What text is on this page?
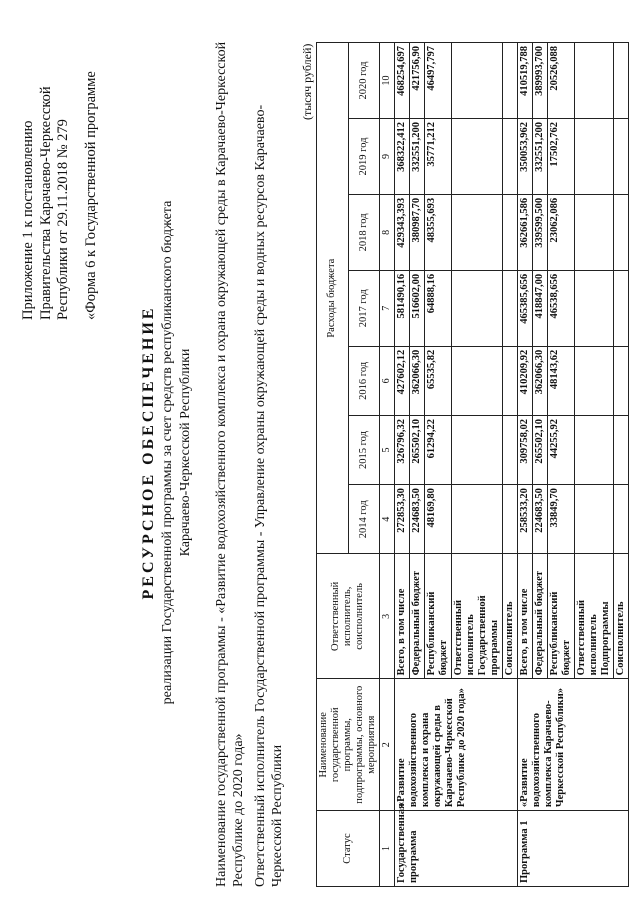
Приложение 1 к постановлению Правительства Карачаево-Черкесской Республики от 29.11.2018 № 279 «Форма 6 к Государственной программе
РЕСУРСНОЕ ОБЕСПЕЧЕНИЕ реализации Государственной программы за счет средств республиканского бюджета Карачаево-Черкесской Республики Наименование государственной программы - «Развитие водохозяйственного комплекса и охрана окружающей среды в Карачаево-Черкесской Республике до 2020 года» Ответственный исполнитель Государственной программы - Управление охраны окружающей среды и водных ресурсов Карачаево-Черкесской Республики
(тысяч рублей)
Статус	Наименование государственной программы, подпрограммы, основного мероприятия	Ответственный исполнитель, соисполнитель	Расходы бюджета						
			2014 год	2015 год	2016 год	2017 год	2018 год	2019 год	2020 год
1	2	3	4	5	6	7	8	9	10
Государственная программа	«Развитие водохозяйственного комплекса и охрана окружающей среды в Карачаево-Черкесской Республике до 2020 года»	Всего, в том числе	272853,30	326796,32	427602,12	581490,16	429343,393	368322,412	468254,697
		Федеральный бюджет	224683,50	265502,10	362066,30	516602,00	380987,70	332551,200	421756,90
		Республиканский бюджет	48169,80	61294,22	65535,82	64888,16	48355,693	35771,212	46497,797
		Ответственный исполнитель Государственной программы							
		Соисполнитель							
Программа 1	«Развитие водохозяйственного комплекса Карачаево-Черкесской Республики»	Всего, в том числе	258533,20	309758,02	410209,92	465385,656	362661,586	350053,962	410519,788
		Федеральный бюджет	224683,50	265502,10	362066,30	418847,00	339599,500	332551,200	389993,700
		Республиканский бюджет	33849,70	44255,92	48143,62	46538,656	23062,086	17502,762	20526,088
		Ответственный исполнитель Подпрограммы							
		Соисполнитель							
